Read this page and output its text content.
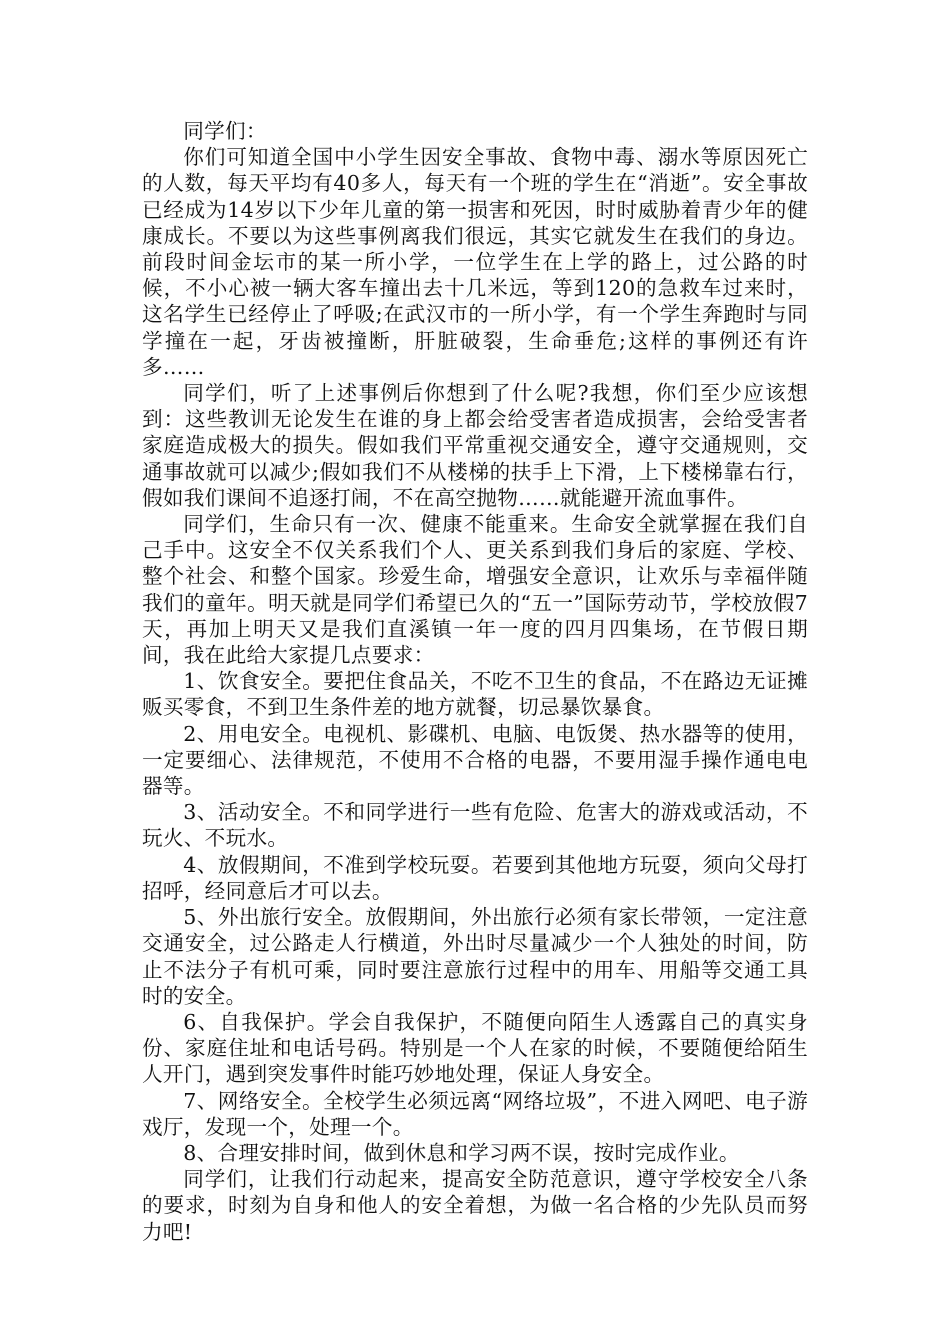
同学们：

你们可知道全国中小学生因安全事故、食物中毒、溺水等原因死亡的人数，每天平均有40多人，每天有一个班的学生在“消逝”。安全事故已经成为14岁以下少年儿童的第一损害和死因，时时威胁着青少年的健康成长。不要以为这些事例离我们很远，其实它就发生在我们的身边。前段时间金坛市的某一所小学，一位学生在上学的路上，过公路的时候，不小心被一辆大客车撞出去十几米远，等到120的急救车过来时，这名学生已经停止了呼吸;在武汉市的一所小学，有一个学生奔跑时与同学撞在一起，牙齿被撞断，肝脏破裂，生命垂危;这样的事例还有许多……

同学们，听了上述事例后你想到了什么呢?我想，你们至少应该想到：这些教训无论发生在谁的身上都会给受害者造成损害，会给受害者家庭造成极大的损失。假如我们平常重视交通安全，遵守交通规则，交通事故就可以减少;假如我们不从楼梯的扶手上下滑，上下楼梯靠右行，假如我们课间不追逐打闹，不在高空抛物……就能避开流血事件。

同学们，生命只有一次、健康不能重来。生命安全就掌握在我们自己手中。这安全不仅关系我们个人、更关系到我们身后的家庭、学校、整个社会、和整个国家。珍爱生命，增强安全意识，让欢乐与幸福伴随我们的童年。明天就是同学们希望已久的“五一”国际劳动节，学校放假7天，再加上明天又是我们直溪镇一年一度的四月四集场，在节假日期间，我在此给大家提几点要求：

1、饮食安全。要把住食品关，不吃不卫生的食品，不在路边无证摊贩买零食，不到卫生条件差的地方就餐，切忌暴饮暴食。

2、用电安全。电视机、影碟机、电脑、电饭煲、热水器等的使用，一定要细心、法律规范，不使用不合格的电器，不要用湿手操作通电电器等。

3、活动安全。不和同学进行一些有危险、危害大的游戏或活动，不玩火、不玩水。

4、放假期间，不准到学校玩耍。若要到其他地方玩耍，须向父母打招呼，经同意后才可以去。

5、外出旅行安全。放假期间，外出旅行必须有家长带领，一定注意交通安全，过公路走人行横道，外出时尽量减少一个人独处的时间，防止不法分子有机可乘，同时要注意旅行过程中的用车、用船等交通工具时的安全。

6、自我保护。学会自我保护，不随便向陌生人透露自己的真实身份、家庭住址和电话号码。特别是一个人在家的时候，不要随便给陌生人开门，遇到突发事件时能巧妙地处理，保证人身安全。

7、网络安全。全校学生必须远离“网络垃圾”，不进入网吧、电子游戏厅，发现一个，处理一个。

8、合理安排时间，做到休息和学习两不误，按时完成作业。

同学们，让我们行动起来，提高安全防范意识，遵守学校安全八条的要求，时刻为自身和他人的安全着想，为做一名合格的少先队员而努力吧!
